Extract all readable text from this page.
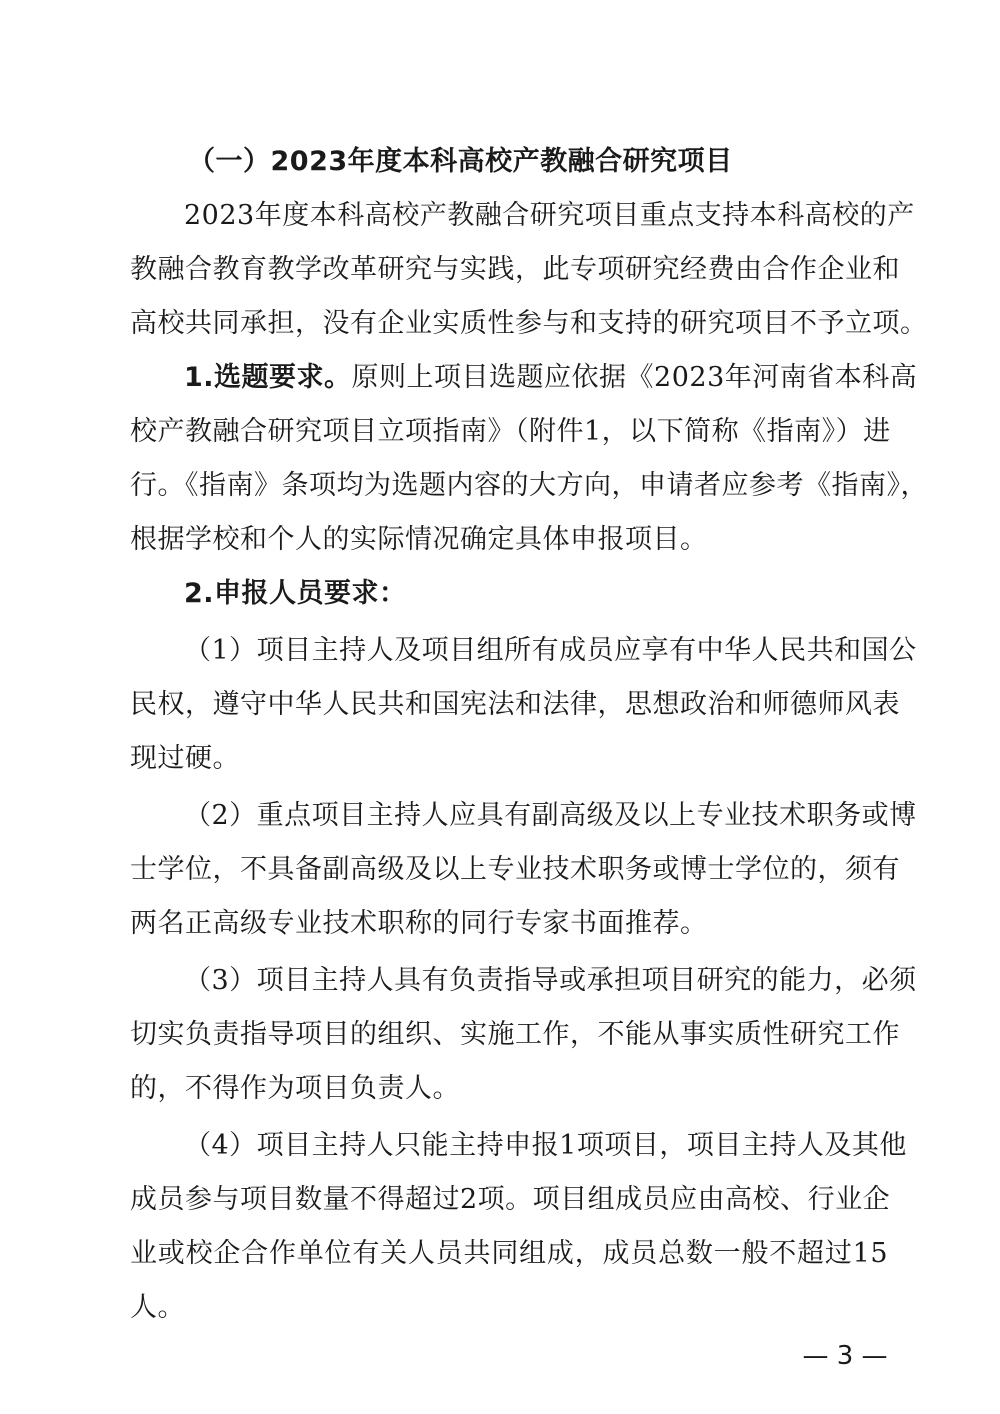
（一）2023年度本科高校产教融合研究项目
2023年度本科高校产教融合研究项目重点支持本科高校的产
教融合教育教学改革研究与实践，此专项研究经费由合作企业和
高校共同承担，没有企业实质性参与和支持的研究项目不予立项。
1.选题要求。原则上项目选题应依据《2023年河南省本科高
校产教融合研究项目立项指南》（附件1，以下简称《指南》）进
行。《指南》条项均为选题内容的大方向，申请者应参考《指南》，
根据学校和个人的实际情况确定具体申报项目。
2.申报人员要求：
（1）项目主持人及项目组所有成员应享有中华人民共和国公
民权，遵守中华人民共和国宪法和法律，思想政治和师德师风表
现过硬。
（2）重点项目主持人应具有副高级及以上专业技术职务或博
士学位，不具备副高级及以上专业技术职务或博士学位的，须有
两名正高级专业技术职称的同行专家书面推荐。
（3）项目主持人具有负责指导或承担项目研究的能力，必须
切实负责指导项目的组织、实施工作，不能从事实质性研究工作
的，不得作为项目负责人。
（4）项目主持人只能主持申报1项项目，项目主持人及其他
成员参与项目数量不得超过2项。项目组成员应由高校、行业企
业或校企合作单位有关人员共同组成，成员总数一般不超过15
人。
— 3 —
